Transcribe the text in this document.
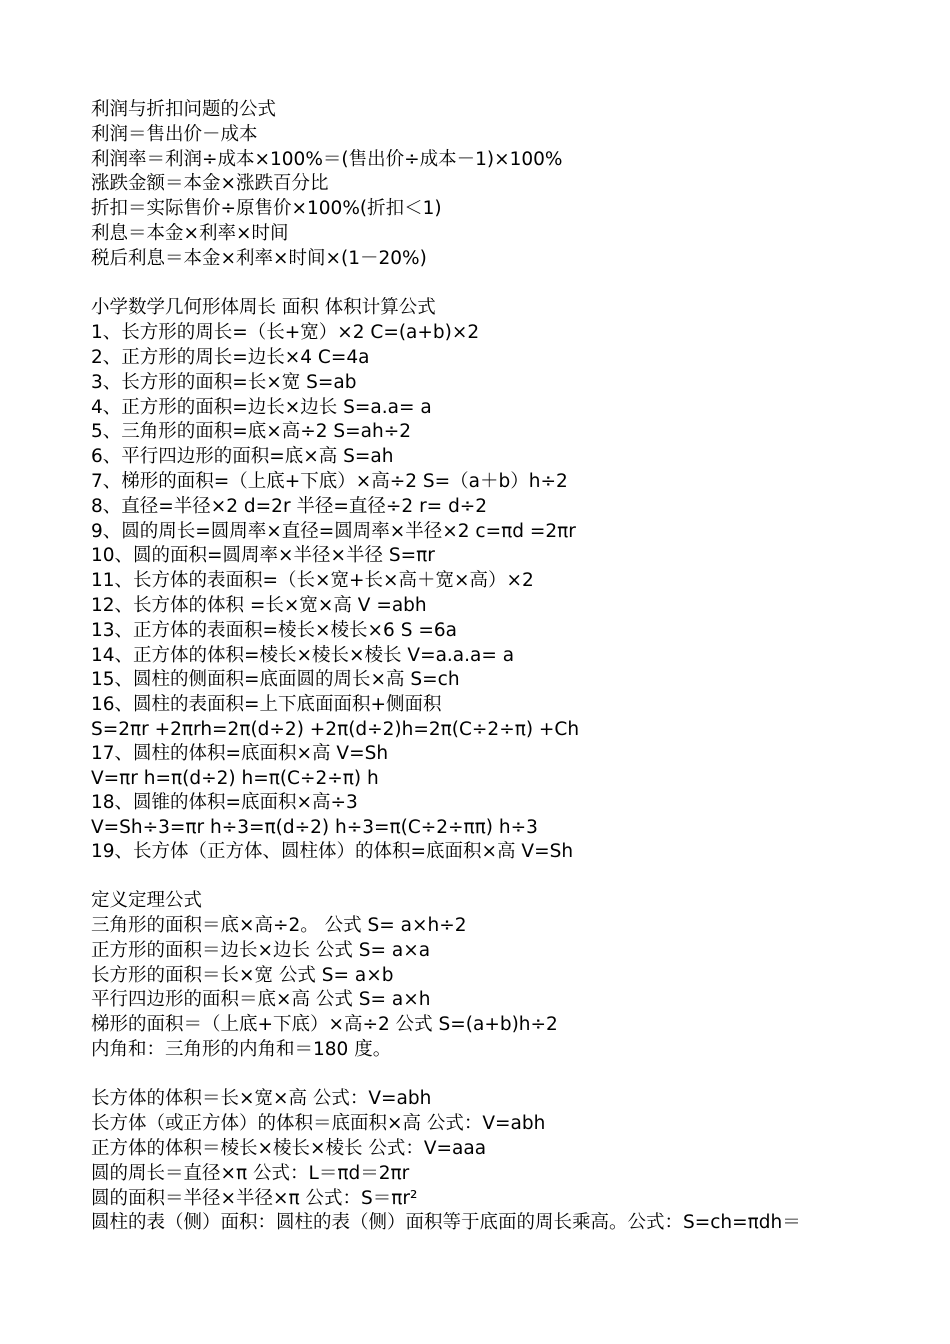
利润与折扣问题的公式
利润＝售出价－成本
利润率＝利润÷成本×100%＝(售出价÷成本－1)×100%
涨跌金额＝本金×涨跌百分比
折扣＝实际售价÷原售价×100%(折扣＜1)
利息＝本金×利率×时间
税后利息＝本金×利率×时间×(1－20%)
小学数学几何形体周长 面积 体积计算公式
1、长方形的周长=（长+宽）×2 C=(a+b)×2
2、正方形的周长=边长×4 C=4a
3、长方形的面积=长×宽 S=ab
4、正方形的面积=边长×边长 S=a.a= a
5、三角形的面积=底×高÷2 S=ah÷2
6、平行四边形的面积=底×高 S=ah
7、梯形的面积=（上底+下底）×高÷2 S=（a＋b）h÷2
8、直径=半径×2 d=2r 半径=直径÷2 r= d÷2
9、圆的周长=圆周率×直径=圆周率×半径×2 c=πd =2πr
10、圆的面积=圆周率×半径×半径 S=πr
11、长方体的表面积=（长×宽+长×高＋宽×高）×2
12、长方体的体积 =长×宽×高 V =abh
13、正方体的表面积=棱长×棱长×6 S =6a
14、正方体的体积=棱长×棱长×棱长 V=a.a.a= a
15、圆柱的侧面积=底面圆的周长×高 S=ch
16、圆柱的表面积=上下底面面积+侧面积
S=2πr +2πrh=2π(d÷2) +2π(d÷2)h=2π(C÷2÷π) +Ch
17、圆柱的体积=底面积×高 V=Sh
V=πr h=π(d÷2) h=π(C÷2÷π) h
18、圆锥的体积=底面积×高÷3
V=Sh÷3=πr h÷3=π(d÷2) h÷3=π(C÷2÷ππ) h÷3
19、长方体（正方体、圆柱体）的体积=底面积×高 V=Sh
定义定理公式
三角形的面积＝底×高÷2。 公式 S= a×h÷2
正方形的面积＝边长×边长 公式 S= a×a
长方形的面积＝长×宽 公式 S= a×b
平行四边形的面积＝底×高 公式 S= a×h
梯形的面积＝（上底+下底）×高÷2 公式 S=(a+b)h÷2
内角和：三角形的内角和＝180 度。
长方体的体积＝长×宽×高 公式：V=abh
长方体（或正方体）的体积＝底面积×高 公式：V=abh
正方体的体积＝棱长×棱长×棱长 公式：V=aaa
圆的周长＝直径×π 公式：L＝πd＝2πr
圆的面积＝半径×半径×π 公式：S＝πr²
圆柱的表（侧）面积：圆柱的表（侧）面积等于底面的周长乘高。公式：S=ch=πdh＝
